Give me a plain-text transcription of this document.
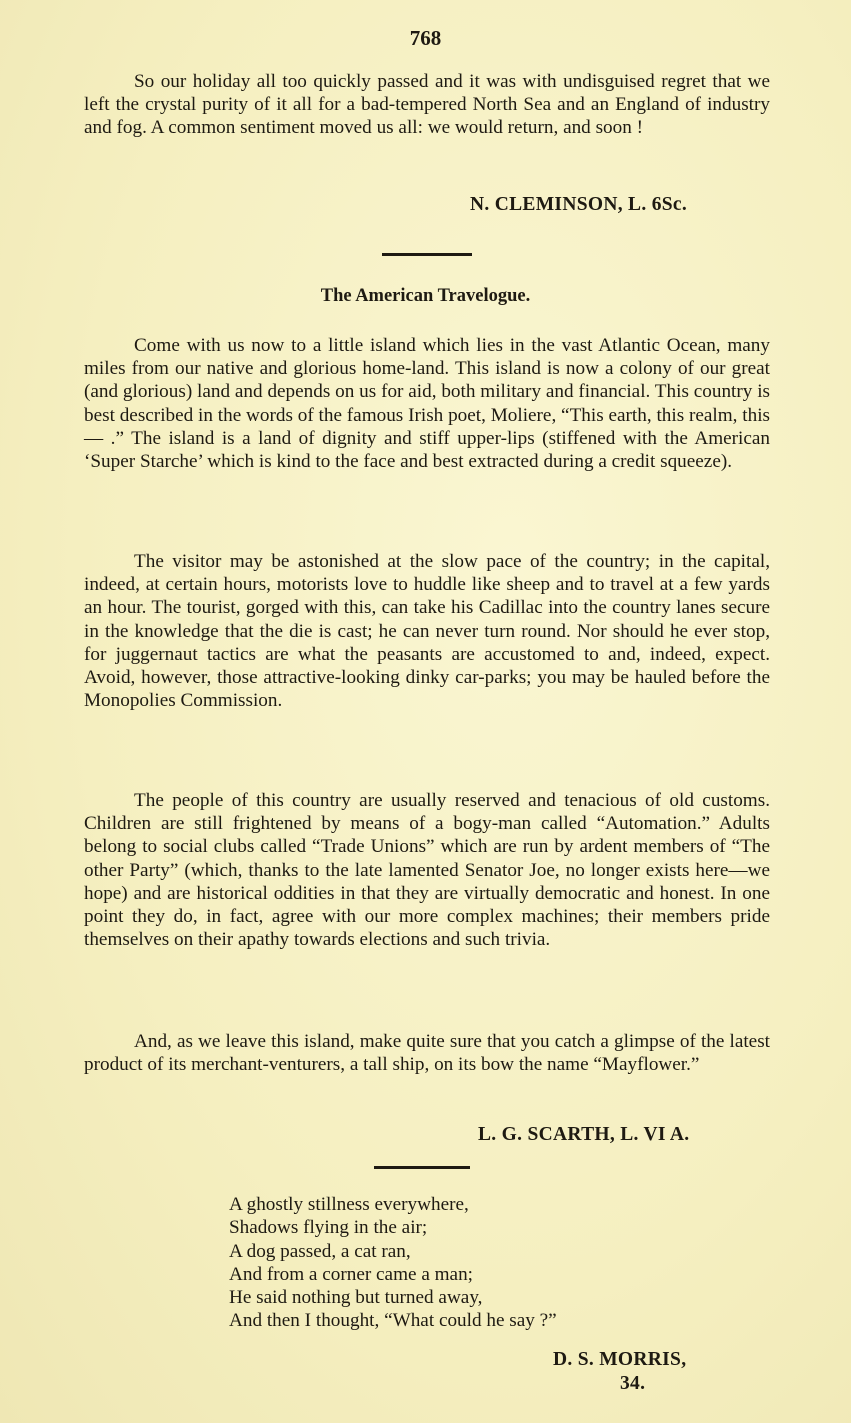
768

So our holiday all too quickly passed and it was with undisguised regret that we left the crystal purity of it all for a bad-tempered North Sea and an England of industry and fog. A common sentiment moved us all: we would return, and soon !

N. CLEMINSON, L. 6Sc.
The American Travelogue.

Come with us now to a little island which lies in the vast Atlantic Ocean, many miles from our native and glorious home-land. This island is now a colony of our great (and glorious) land and depends on us for aid, both military and financial. This country is best described in the words of the famous Irish poet, Moliere, “This earth, this realm, this— .” The island is a land of dignity and stiff upper-lips (stiffened with the American ‘Super Starche’ which is kind to the face and best extracted during a credit squeeze).

The visitor may be astonished at the slow pace of the country; in the capital, indeed, at certain hours, motorists love to huddle like sheep and to travel at a few yards an hour. The tourist, gorged with this, can take his Cadillac into the country lanes secure in the knowledge that the die is cast; he can never turn round. Nor should he ever stop, for juggernaut tactics are what the peasants are accustomed to and, indeed, expect. Avoid, however, those attractive-looking dinky car-parks; you may be hauled before the Monopolies Commission.

The people of this country are usually reserved and tenacious of old customs. Children are still frightened by means of a bogy-man called “Automation.” Adults belong to social clubs called “Trade Unions” which are run by ardent members of “The other Party” (which, thanks to the late lamented Senator Joe, no longer exists here—we hope) and are historical oddities in that they are virtually democratic and honest. In one point they do, in fact, agree with our more complex machines; their members pride themselves on their apathy towards elections and such trivia.

And, as we leave this island, make quite sure that you catch a glimpse of the latest product of its merchant-venturers, a tall ship, on its bow the name “Mayflower.”

L. G. SCARTH, L. VI A.

A ghostly stillness everywhere,

Shadows flying in the air;

A dog passed, a cat ran,

And from a corner came a man;

He said nothing but turned away,

And then I thought, “What could he say ?”

D. S. MORRIS,
34.
